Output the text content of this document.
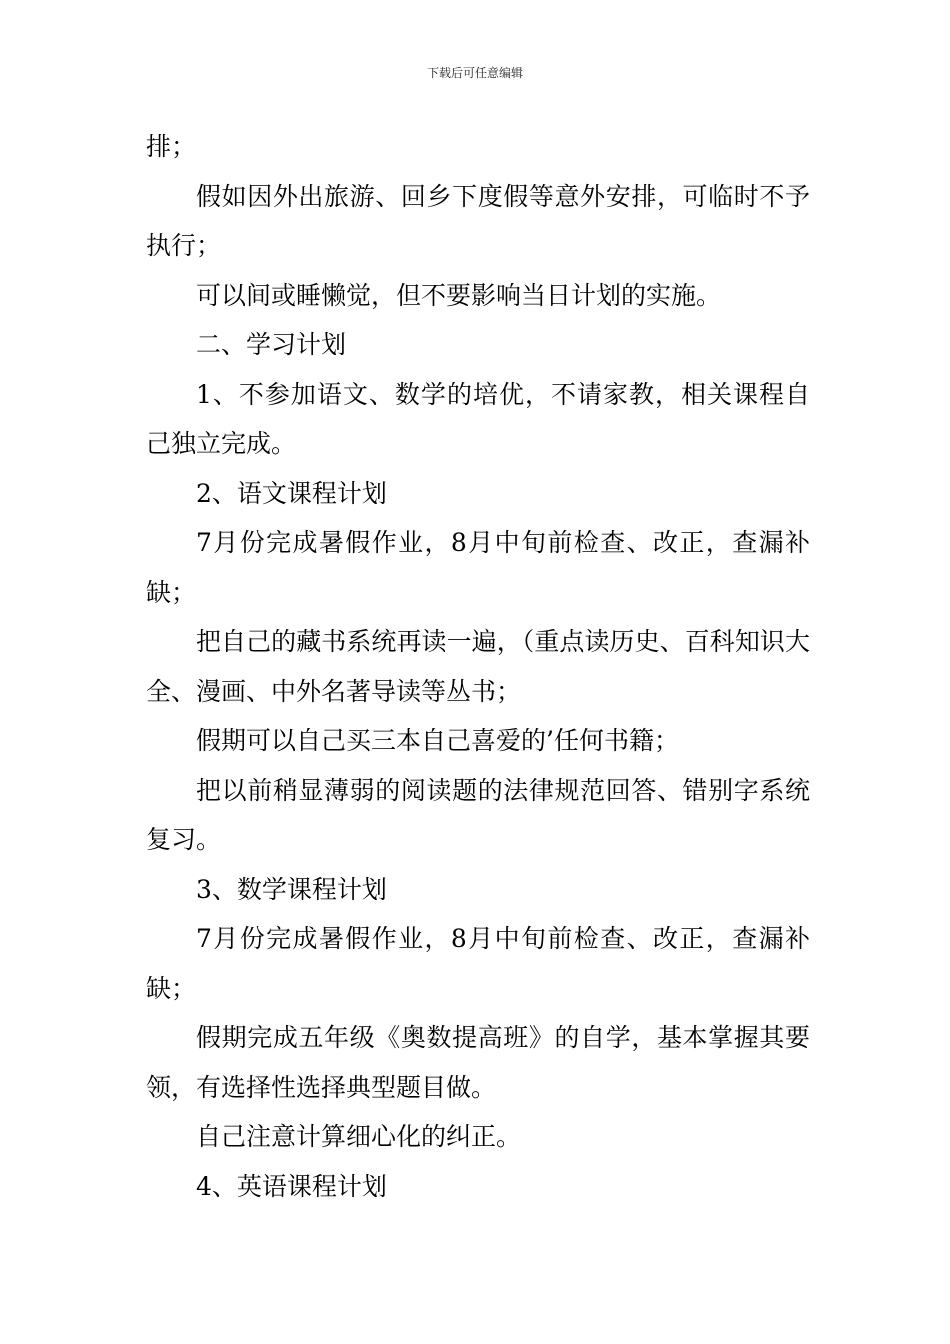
下载后可任意编辑

排；

假如因外出旅游、回乡下度假等意外安排，可临时不予执行；

可以间或睡懒觉，但不要影响当日计划的实施。

二、学习计划

1、不参加语文、数学的培优，不请家教，相关课程自己独立完成。

2、语文课程计划

7月份完成暑假作业，8月中旬前检查、改正，查漏补缺；

把自己的藏书系统再读一遍，（重点读历史、百科知识大全、漫画、中外名著导读等丛书；

假期可以自己买三本自己喜爱的’任何书籍；

把以前稍显薄弱的阅读题的法律规范回答、错别字系统复习。

3、数学课程计划

7月份完成暑假作业，8月中旬前检查、改正，查漏补缺；

假期完成五年级《奥数提高班》的自学，基本掌握其要领，有选择性选择典型题目做。

自己注意计算细心化的纠正。

4、英语课程计划
